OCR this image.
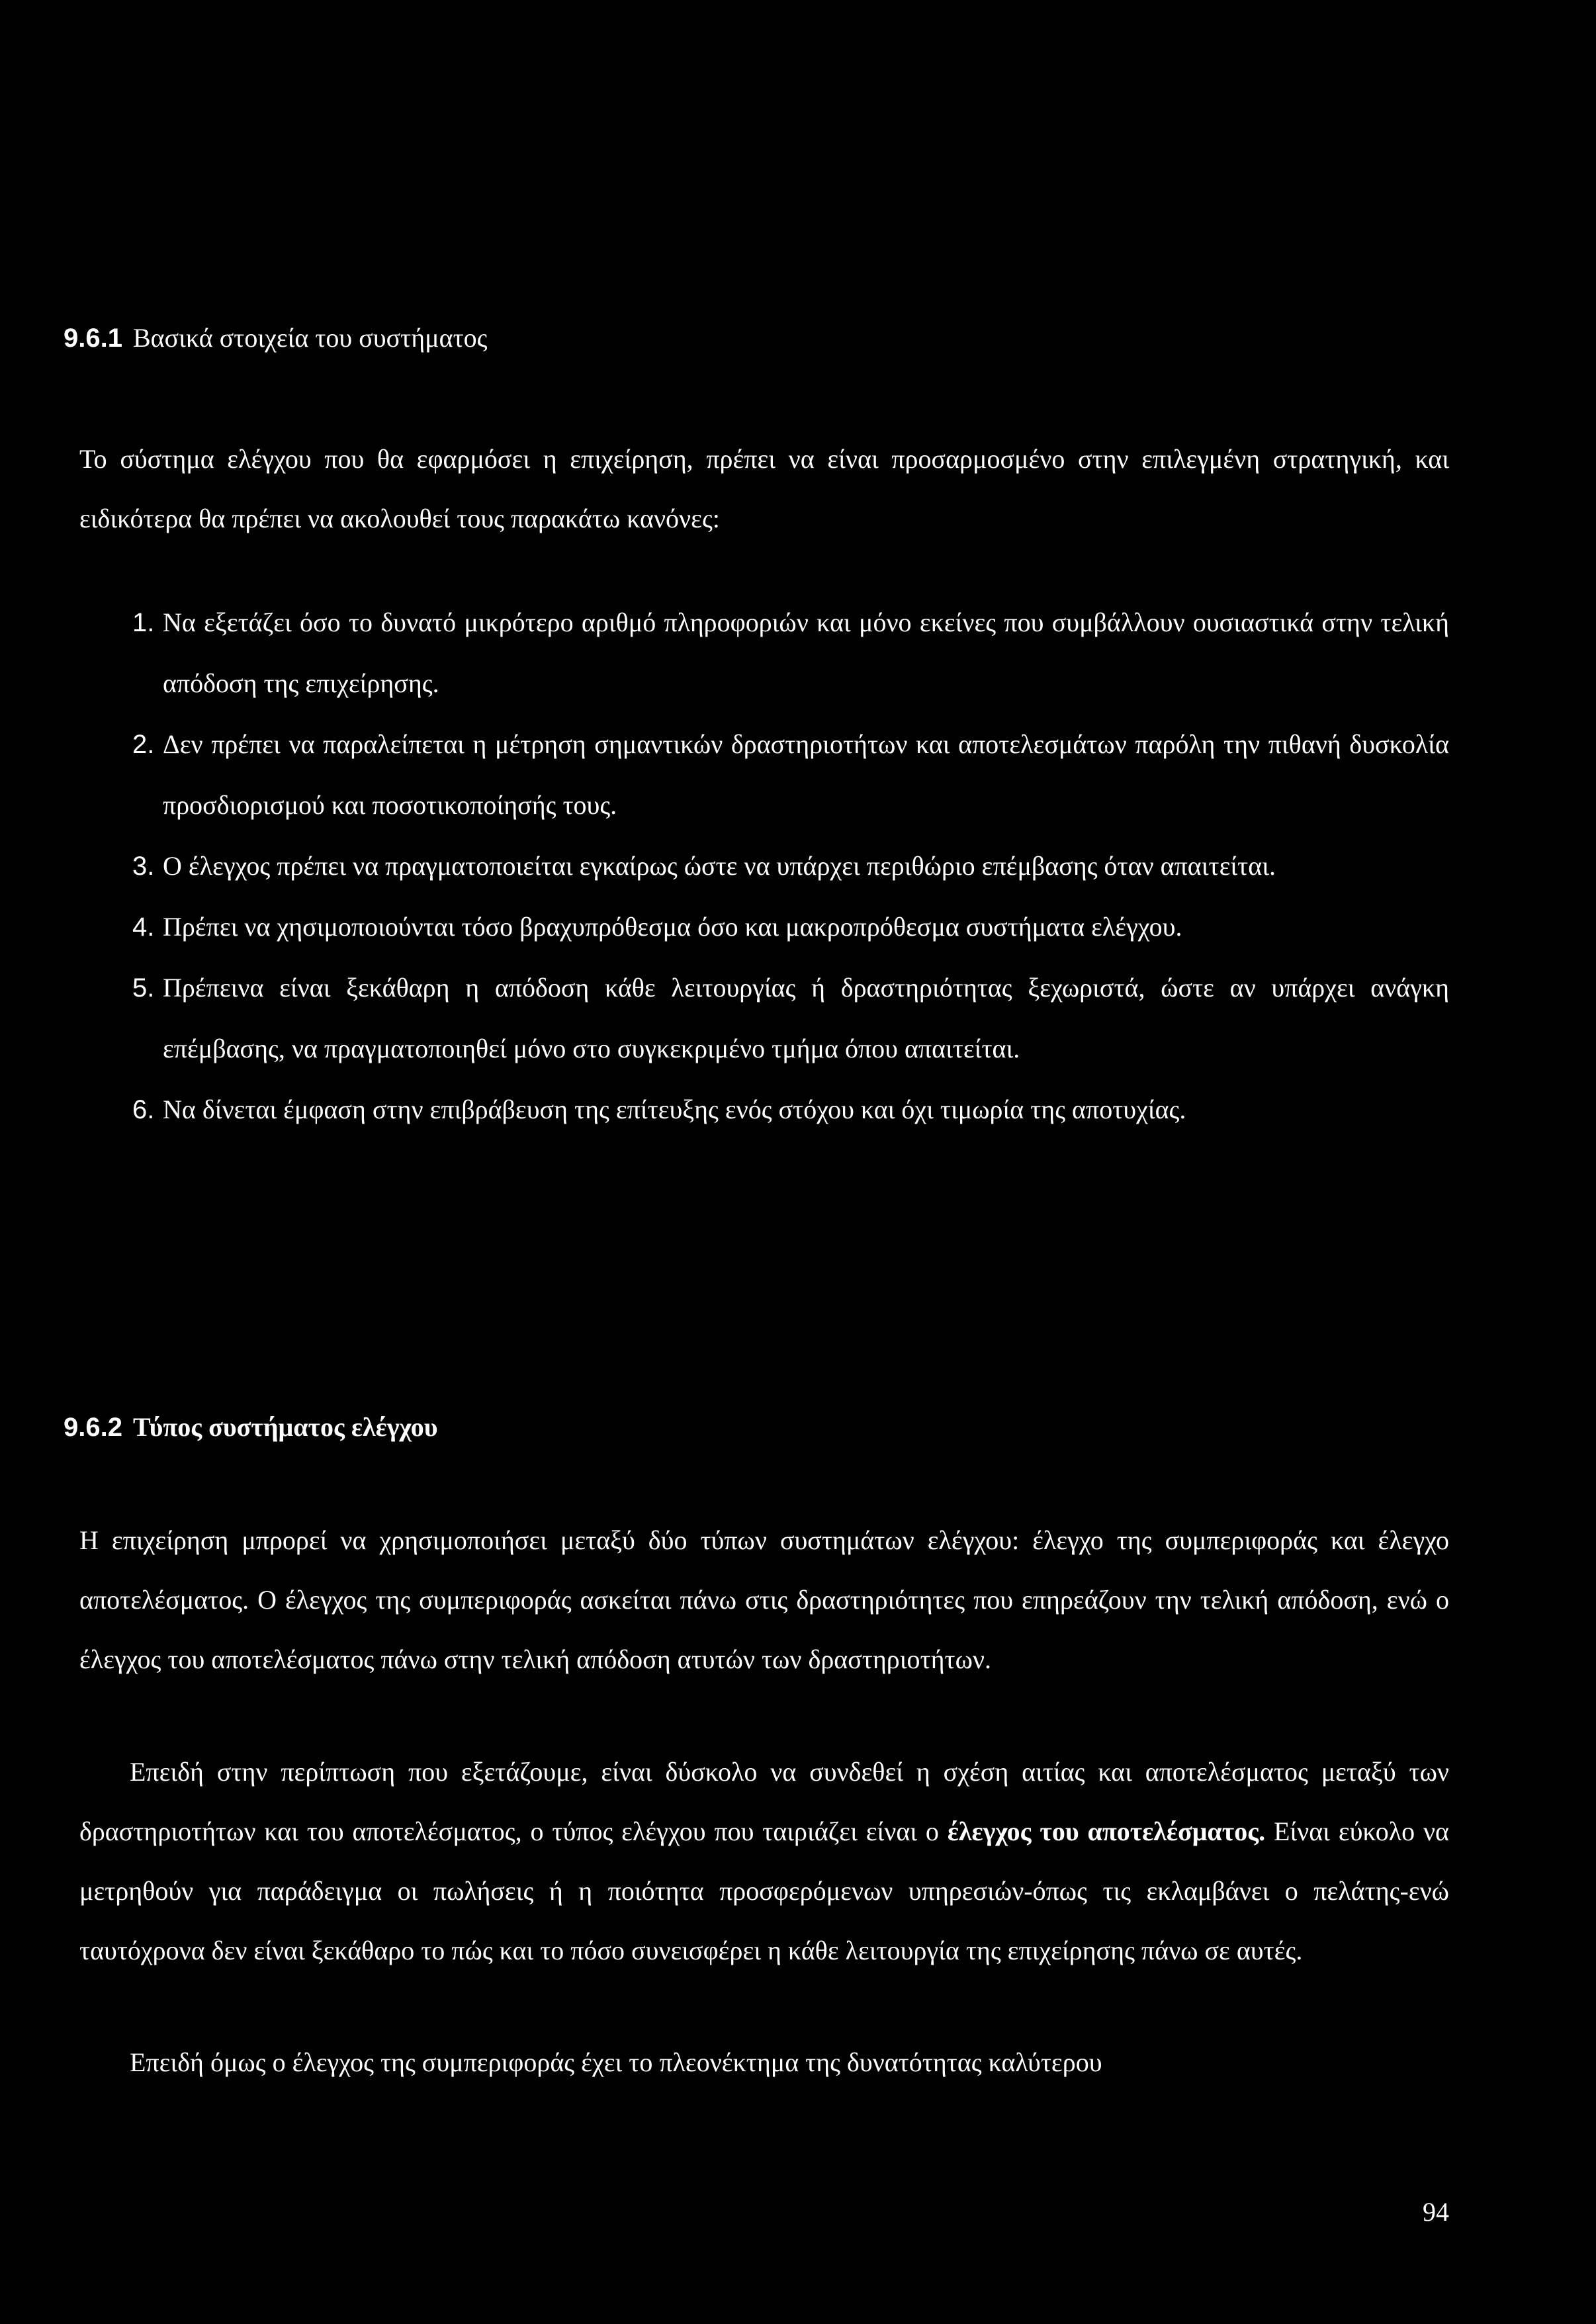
9.6.1 Βασικά στοιχεία του συστήματος

Το σύστημα ελέγχου που θα εφαρμόσει η επιχείρηση, πρέπει να είναι προσαρμοσμένο στην επιλεγμένη στρατηγική, και ειδικότερα θα πρέπει να ακολουθεί τους παρακάτω κανόνες:

1. Να εξετάζει όσο το δυνατό μικρότερο αριθμό πληροφοριών και μόνο εκείνες που συμβάλλουν ουσιαστικά στην τελική απόδοση της επιχείρησης.
2. Δεν πρέπει να παραλείπεται η μέτρηση σημαντικών δραστηριοτήτων και αποτελεσμάτων παρόλη την πιθανή δυσκολία προσδιορισμού και ποσοτικοποίησής τους.
3. Ο έλεγχος πρέπει να πραγματοποιείται εγκαίρως ώστε να υπάρχει περιθώριο επέμβασης όταν απαιτείται.
4. Πρέπει να χησιμοποιούνται τόσο βραχυπρόθεσμα όσο και μακροπρόθεσμα συστήματα ελέγχου.
5. Πρέπεινα είναι ξεκάθαρη η απόδοση κάθε λειτουργίας ή δραστηριότητας ξεχωριστά, ώστε αν υπάρχει ανάγκη επέμβασης, να πραγματοποιηθεί μόνο στο συγκεκριμένο τμήμα όπου απαιτείται.
6. Να δίνεται έμφαση στην επιβράβευση της επίτευξης ενός στόχου και όχι τιμωρία της αποτυχίας.
9.6.2 Τύπος συστήματος ελέγχου

Η επιχείρηση μπρορεί να χρησιμοποιήσει μεταξύ δύο τύπων συστημάτων ελέγχου: έλεγχο της συμπεριφοράς και έλεγχο αποτελέσματος. Ο έλεγχος της συμπεριφοράς ασκείται πάνω στις δραστηριότητες που επηρεάζουν την τελική απόδοση, ενώ ο έλεγχος του αποτελέσματος πάνω στην τελική απόδοση ατυτών των δραστηριοτήτων.

Επειδή στην περίπτωση που εξετάζουμε, είναι δύσκολο να συνδεθεί η σχέση αιτίας και αποτελέσματος μεταξύ των δραστηριοτήτων και του αποτελέσματος, ο τύπος ελέγχου που ταιριάζει είναι ο έλεγχος του αποτελέσματος. Είναι εύκολο να μετρηθούν για παράδειγμα οι πωλήσεις ή η ποιότητα προσφερόμενων υπηρεσιών-όπως τις εκλαμβάνει ο πελάτης-ενώ ταυτόχρονα δεν είναι ξεκάθαρο το πώς και το πόσο συνεισφέρει η κάθε λειτουργία της επιχείρησης πάνω σε αυτές.

Επειδή όμως ο έλεγχος της συμπεριφοράς έχει το πλεονέκτημα της δυνατότητας καλύτερου

94
